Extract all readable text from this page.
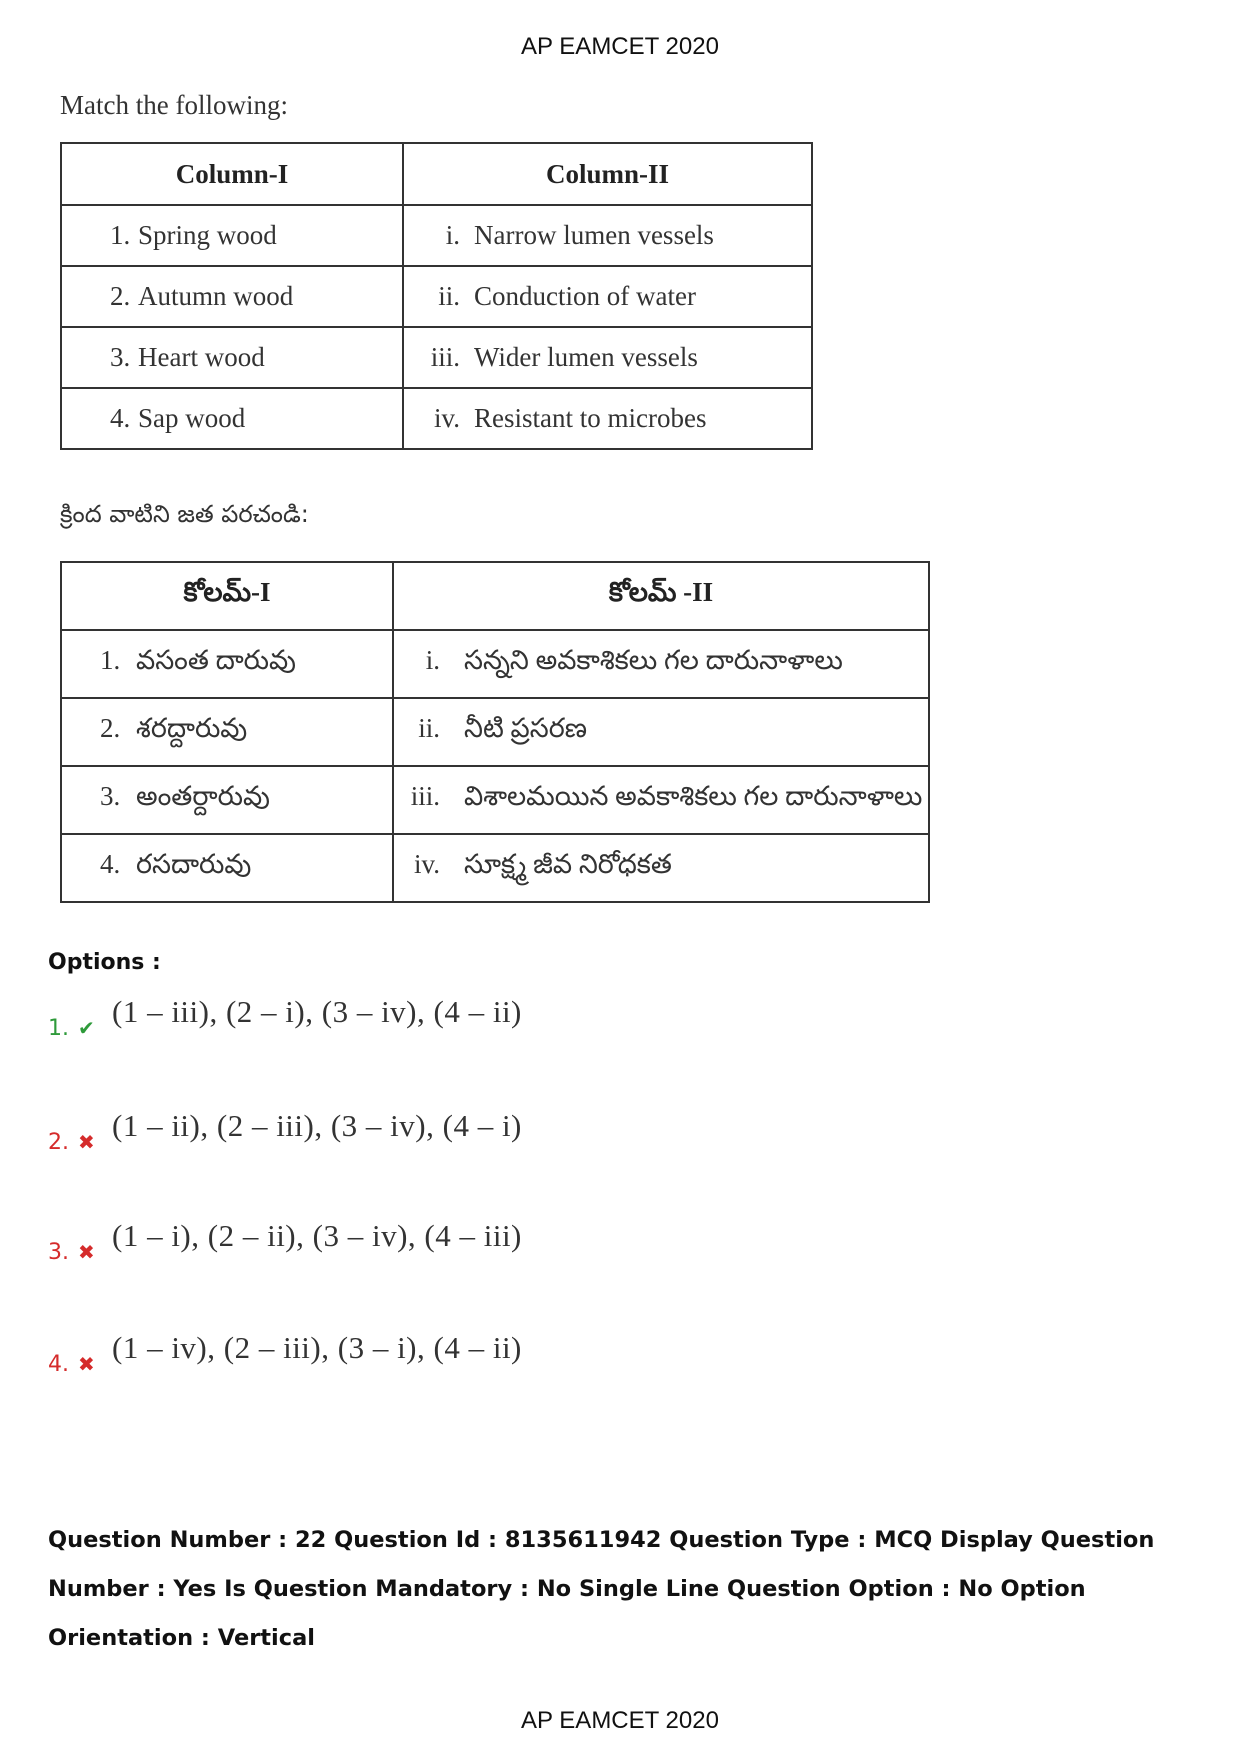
AP EAMCET 2020
Match the following:
Column-I	Column-II
1. Spring wood	i. Narrow lumen vessels
2. Autumn wood	ii. Conduction of water
3. Heart wood	iii. Wider lumen vessels
4. Sap wood	iv. Resistant to microbes
క్రింద వాటిని జత పరచండి:
కోలమ్-I	కోలమ్ -II
1. వసంత దారువు	i. సన్నని అవకాశికలు గల దారునాళాలు
2. శరద్దారువు	ii. నీటి ప్రసరణ
3. అంతర్దారువు	iii. విశాలమయిన అవకాశికలు గల దారునాళాలు
4. రసదారువు	iv. సూక్ష్మ జీవ నిరోధకత
Options :
1. ✔ (1 – iii), (2 – i), (3 – iv), (4 – ii)
2. ✖ (1 – ii), (2 – iii), (3 – iv), (4 – i)
3. ✖ (1 – i), (2 – ii), (3 – iv), (4 – iii)
4. ✖ (1 – iv), (2 – iii), (3 – i), (4 – ii)
Question Number : 22 Question Id : 8135611942 Question Type : MCQ Display Question Number : Yes Is Question Mandatory : No Single Line Question Option : No Option Orientation : Vertical
AP EAMCET 2020
